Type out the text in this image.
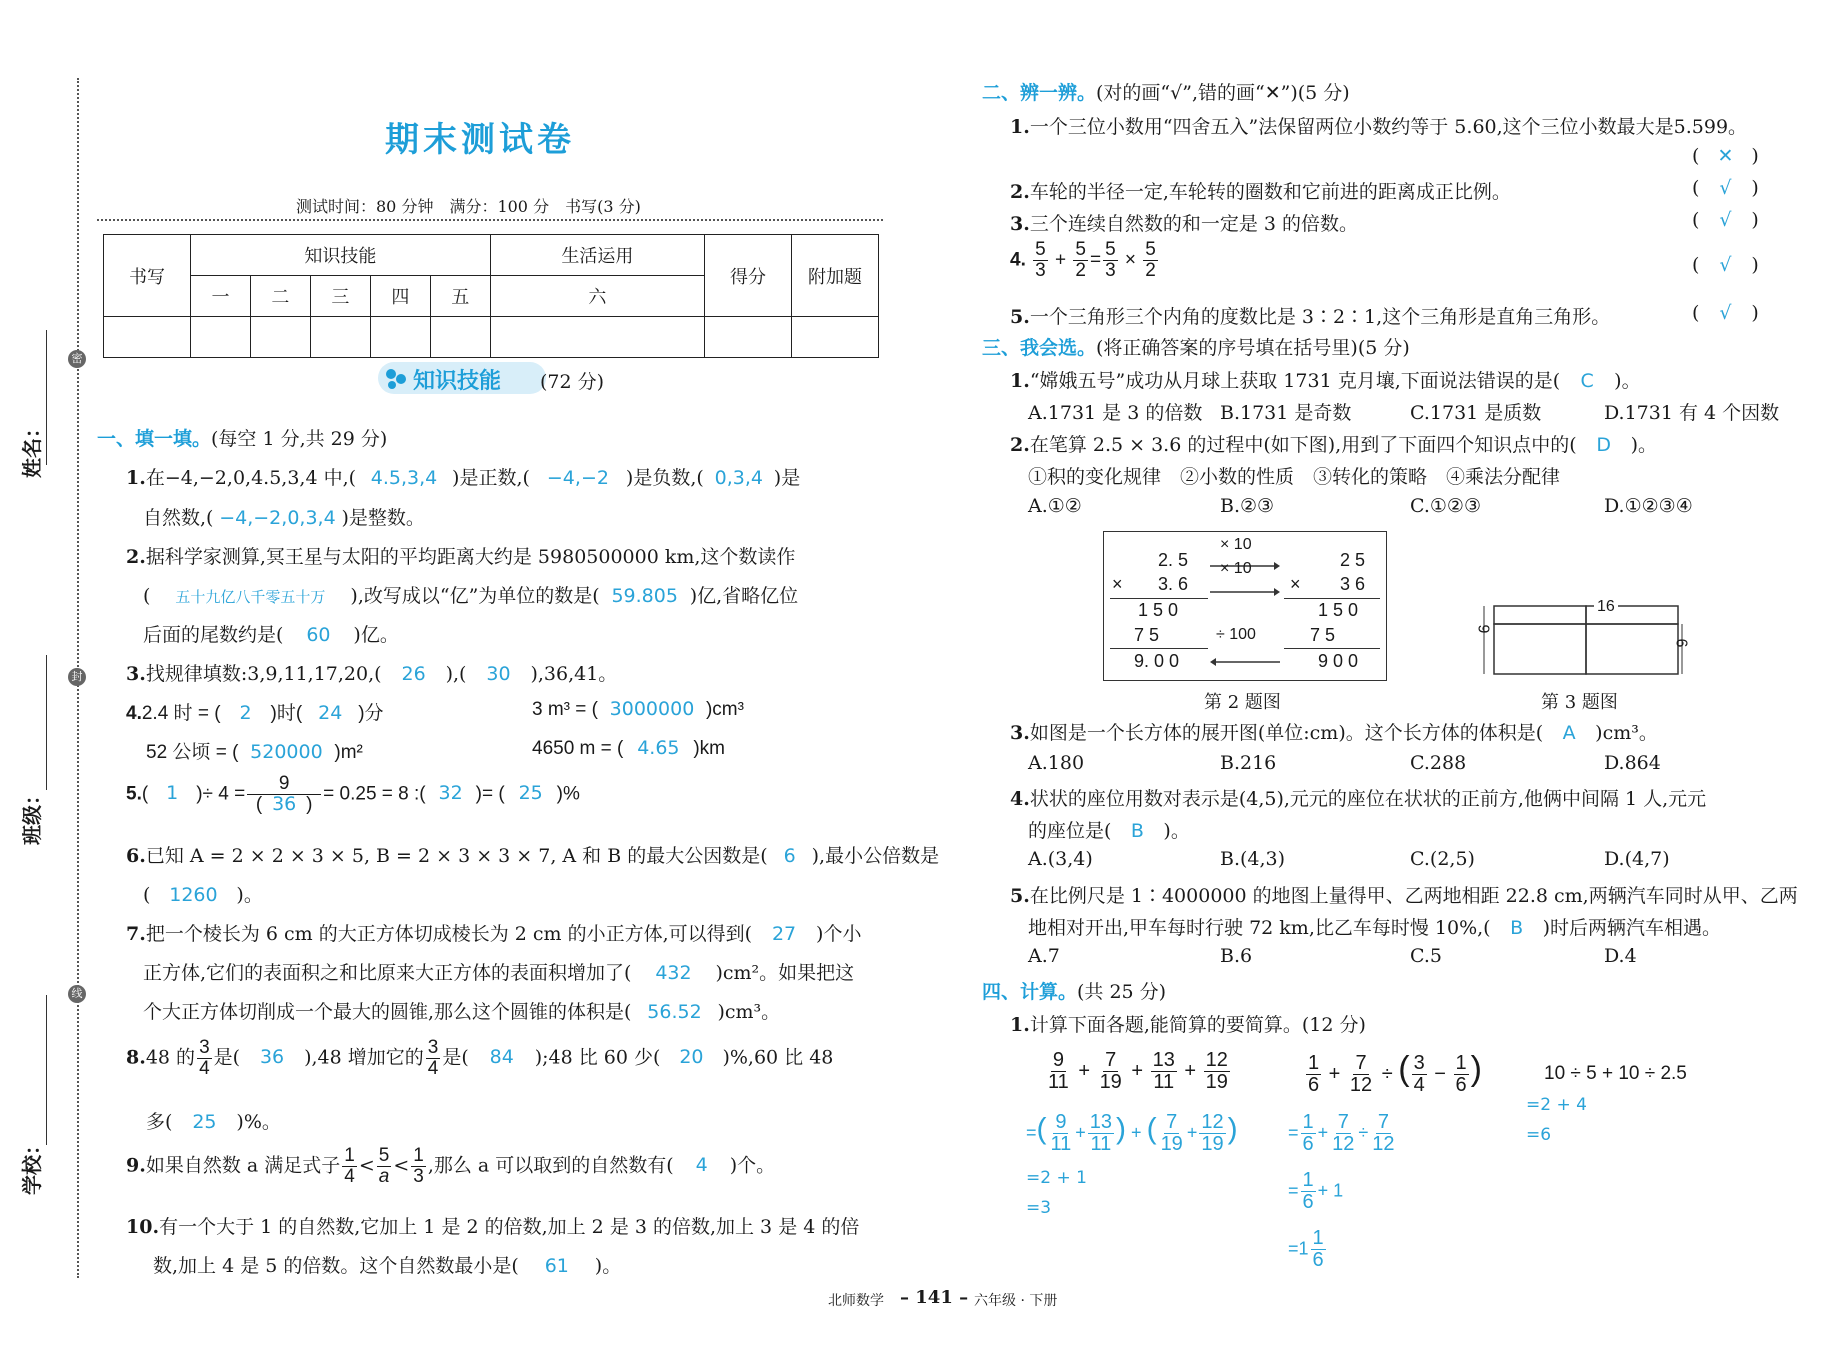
密
封
线
姓名：
班级：
学校：
期末测试卷
测试时间：80 分钟　满分：100 分　书写(3 分)
书写	知识技能					生活运用	得分	附加题
	一	二	三	四	五	六		

知识技能 (72 分)
一、填一填。(每空 1 分,共 29 分)
1.在−4,−2,0,4.5,3,4 中,( 4.5,3,4 )是正数,( −4,−2 )是负数,( 0,3,4 )是
自然数,( −4,−2,0,3,4 )是整数。
2.据科学家测算,冥王星与太阳的平均距离大约是 5980500000 km,这个数读作
( 五十九亿八千零五十万 ),改写成以“亿”为单位的数是( 59.805 )亿,省略亿位
后面的尾数约是( 60 )亿。
3.找规律填数:3,9,11,17,20,( 26 ),( 30 ),36,41。
4.2.4 时 = ( 2 )时( 24 )分	3 m³ = ( 3000000 )cm³
52 公顷 = ( 520000 )m²	4650 m = ( 4.65 )km
5.( 1 )÷ $4 = \frac{9}{( 36 )} = 0.25 = 8$ :( 32 )= ( 25 )%
6.已知 A = 2 × 2 × 3 × 5, B = 2 × 3 × 3 × 7, A 和 B 的最大公因数是( 6 ),最小公倍数是
( 1260 )。
7.把一个棱长为 6 cm 的大正方体切成棱长为 2 cm 的小正方体,可以得到( 27 )个小
正方体,它们的表面积之和比原来大正方体的表面积增加了( 432 )cm²。如果把这
个大正方体切削成一个最大的圆锥,那么这个圆锥的体积是( 56.52 )cm³。
8.48 的 $\frac{3}{4}$ 是( 36 ),48 增加它的 $\frac{3}{4}$ 是( 84 );48 比 60 少( 20 )%,60 比 48
多( 25 )%。
9.如果自然数 a 满足式子 $\frac{1}{4} < \frac{5}{a} < \frac{1}{3}$ ,那么 a 可以取到的自然数有( 4 )个。
10.有一个大于 1 的自然数,它加上 1 是 2 的倍数,加上 2 是 3 的倍数,加上 3 是 4 的倍
数,加上 4 是 5 的倍数。这个自然数最小是( 61 )。
二、辨一辨。(对的画“√”,错的画“✕”)(5 分)
1.一个三位小数用“四舍五入”法保留两位小数约等于 5.60,这个三位小数最大是5.599。
( ✕ )
2.车轮的半径一定,车轮转的圈数和它前进的距离成正比例。	( √ )
3.三个连续自然数的和一定是 3 的倍数。	( √ )
4. $\frac{5}{3} + \frac{5}{2} = \frac{5}{3} \times \frac{5}{2}$	( √ )
5.一个三角形三个内角的度数比是 3∶2∶1,这个三角形是直角三角形。	( √ )
三、我会选。(将正确答案的序号填在括号里)(5 分)
1.“嫦娥五号”成功从月球上获取 1731 克月壤,下面说法错误的是( C )。
A.1731 是 3 的倍数 B.1731 是奇数	C.1731 是质数	D.1731 有 4 个因数
2.在笔算 2.5 × 3.6 的过程中(如下图),用到了下面四个知识点中的( D )。
①积的变化规律　②小数的性质　③转化的策略　④乘法分配律
A.①②	B.②③	C.①②③	D.①②③④
2. 5
× 3. 6
1 5 0
7 5
9. 0 0
× 10
× 10
÷ 100
2 5
× 3 6
1 5 0
7 5
9 0 0
第 2 题图
16
9
6
第 3 题图
3.如图是一个长方体的展开图(单位:cm)。这个长方体的体积是( A )cm³。
A.180	B.216	C.288	D.864
4.状状的座位用数对表示是(4,5),元元的座位在状状的正前方,他俩中间隔 1 人,元元
的座位是( B )。
A.(3,4)	B.(4,3)	C.(2,5)	D.(4,7)
5.在比例尺是 1∶4000000 的地图上量得甲、乙两地相距 22.8 cm,两辆汽车同时从甲、乙两
地相对开出,甲车每时行驶 72 km,比乙车每时慢 10%,( B )时后两辆汽车相遇。
A.7	B.6	C.5	D.4
四、计算。(共 25 分)
1.计算下面各题,能简算的要简算。(12 分)
$\frac{9}{11} + \frac{7}{19} + \frac{13}{11} + \frac{12}{19}$
=( $\frac{9}{11} + \frac{13}{11}$ ) + ( $\frac{7}{19} + \frac{12}{19}$ )
=2 + 1
=3
$\frac{1}{6} + \frac{7}{12}$ ÷ ( $\frac{3}{4} - \frac{1}{6}$ )
= $\frac{1}{6} + \frac{7}{12} \div \frac{7}{12}$
= $\frac{1}{6} + 1$
$=1 \frac{1}{6}$
10 ÷ 5 + 10 ÷ 2.5
=2 + 4
=6
北师数学 – 141 – 六年级 · 下册
